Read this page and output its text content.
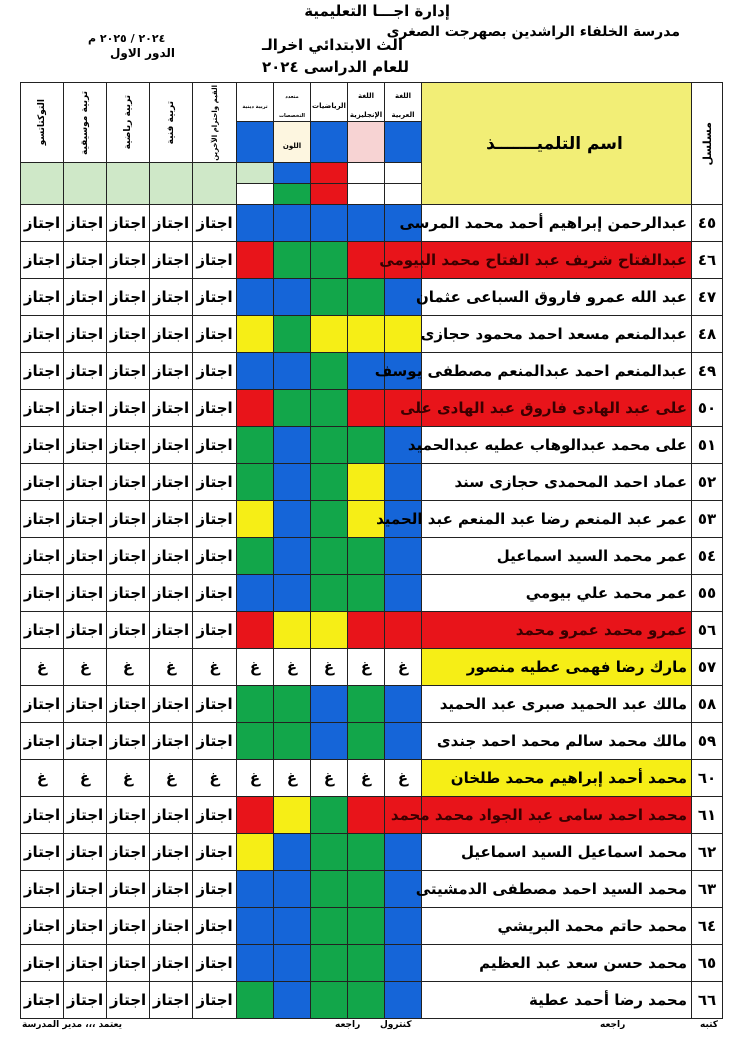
إدارة اجـــا التعليمية
مدرسة الخلفاء الراشدين بصهرجت الصغرى
الث الابتدائي اخرالـ
للعام الدراسى ٢٠٢٤
٢٠٢٤ / ٢٠٢٥ م
الدور الاول
مسلسل	اسم التلميـــــــذ	اللغة العربية	اللغة الإنجليزية	الرياضيات	متعدد التخصصات	تربية دينية	القيم واحترام الآخرين	تربية فنية	تربية رياضية	تربية موسيقية	التوكتاتسو

					اللون						

٤٥	عبدالرحمن إبراهيم أحمد محمد المرسى						اجتاز	اجتاز	اجتاز	اجتاز	اجتاز
٤٦	عبدالفتاح شريف عبد الفتاح محمد البيومى						اجتاز	اجتاز	اجتاز	اجتاز	اجتاز
٤٧	عبد الله عمرو فاروق السباعى عثمان						اجتاز	اجتاز	اجتاز	اجتاز	اجتاز
٤٨	عبدالمنعم مسعد احمد محمود حجازى						اجتاز	اجتاز	اجتاز	اجتاز	اجتاز
٤٩	عبدالمنعم احمد عبدالمنعم مصطفى يوسف						اجتاز	اجتاز	اجتاز	اجتاز	اجتاز
٥٠	على عبد الهادى فاروق عبد الهادى على						اجتاز	اجتاز	اجتاز	اجتاز	اجتاز
٥١	على محمد عبدالوهاب عطيه عبدالحميد						اجتاز	اجتاز	اجتاز	اجتاز	اجتاز
٥٢	عماد احمد المحمدى حجازى سند						اجتاز	اجتاز	اجتاز	اجتاز	اجتاز
٥٣	عمر عبد المنعم رضا عبد المنعم عبد الحميد						اجتاز	اجتاز	اجتاز	اجتاز	اجتاز
٥٤	عمر محمد السيد اسماعيل						اجتاز	اجتاز	اجتاز	اجتاز	اجتاز
٥٥	عمر محمد علي بيومي						اجتاز	اجتاز	اجتاز	اجتاز	اجتاز
٥٦	عمرو محمد عمرو محمد						اجتاز	اجتاز	اجتاز	اجتاز	اجتاز
٥٧	مارك رضا فهمى عطيه منصور	غ	غ	غ	غ	غ	غ	غ	غ	غ	غ
٥٨	مالك عبد الحميد صبرى عبد الحميد						اجتاز	اجتاز	اجتاز	اجتاز	اجتاز
٥٩	مالك محمد سالم محمد احمد جندى						اجتاز	اجتاز	اجتاز	اجتاز	اجتاز
٦٠	محمد أحمد إبراهيم محمد طلخان	غ	غ	غ	غ	غ	غ	غ	غ	غ	غ
٦١	محمد احمد سامى عبد الجواد محمد محمد						اجتاز	اجتاز	اجتاز	اجتاز	اجتاز
٦٢	محمد اسماعيل السيد اسماعيل						اجتاز	اجتاز	اجتاز	اجتاز	اجتاز
٦٣	محمد السيد احمد مصطفى الدمشيتى						اجتاز	اجتاز	اجتاز	اجتاز	اجتاز
٦٤	محمد حاتم محمد البريشي						اجتاز	اجتاز	اجتاز	اجتاز	اجتاز
٦٥	محمد حسن سعد عبد العظيم						اجتاز	اجتاز	اجتاز	اجتاز	اجتاز
٦٦	محمد رضا أحمد عطية						اجتاز	اجتاز	اجتاز	اجتاز	اجتاز
كتبه
راجعه
كنترول
راجعه
يعتمد ،،، مدير المدرسة
